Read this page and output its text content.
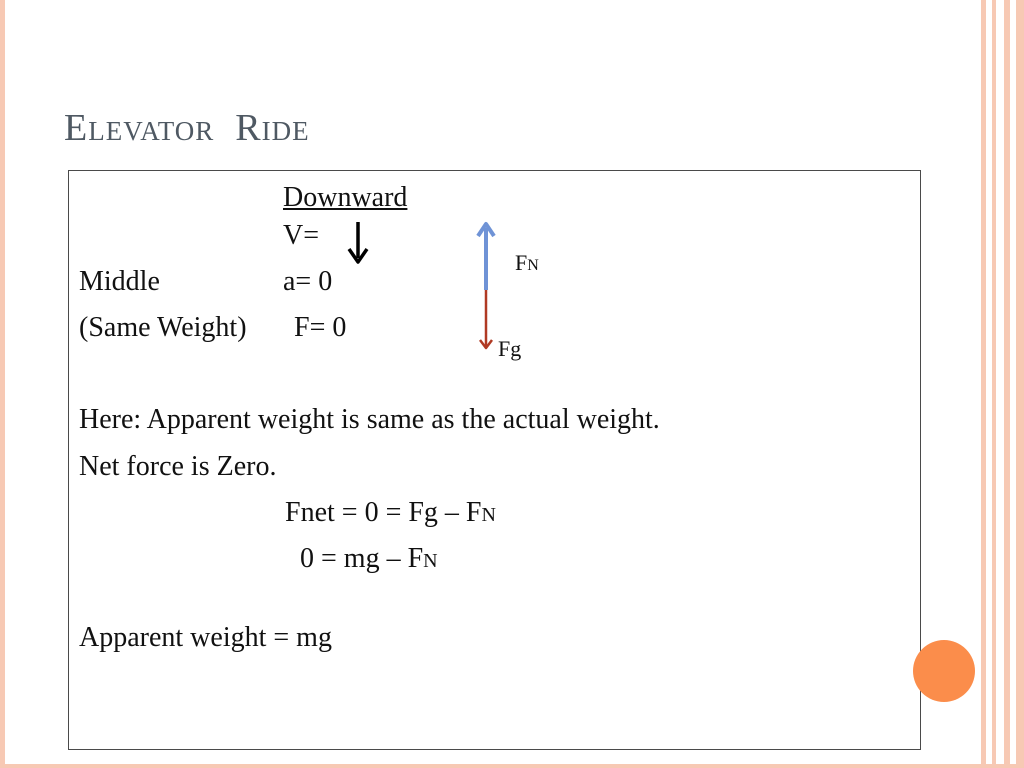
Elevator Ride
Downward
V=
Middle	a= 0
(Same Weight) F= 0
FN
Fg
Here: Apparent weight is same as the actual weight.
Net force is Zero.
Fnet = 0 = Fg – FN
0 = mg – FN
Apparent weight = mg
